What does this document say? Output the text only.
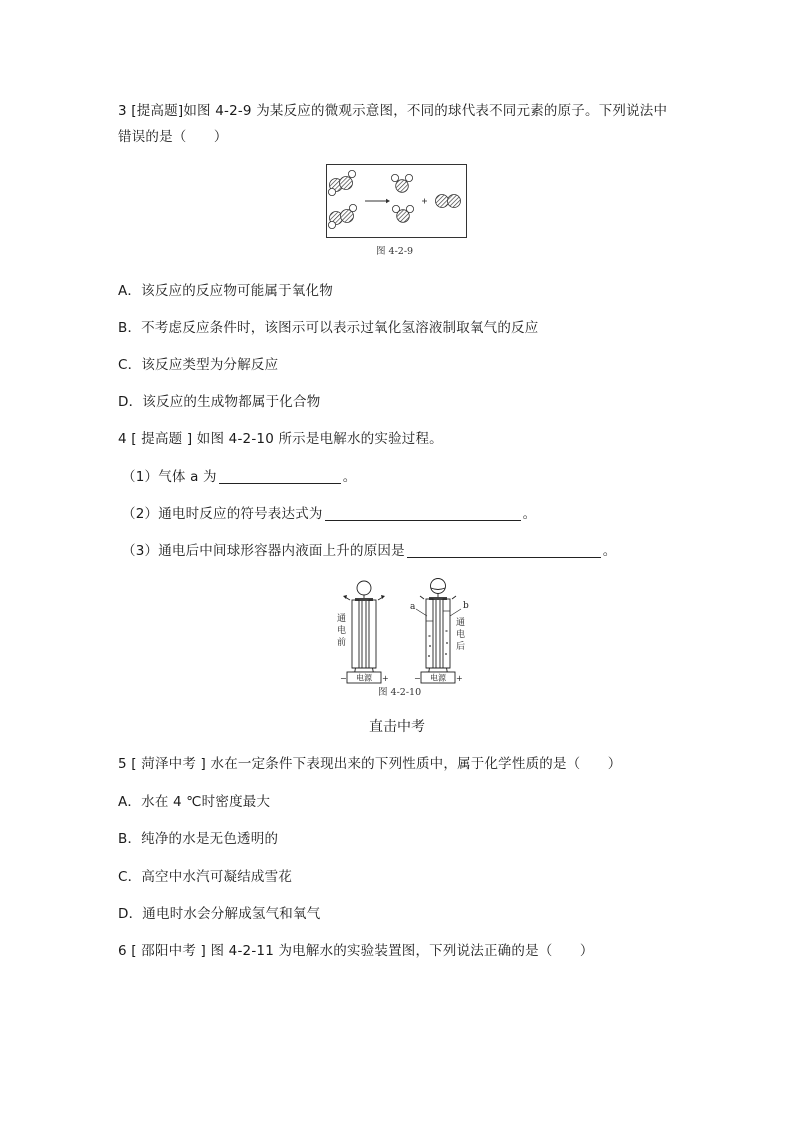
3 [提高题]如图 4-2-9 为某反应的微观示意图，不同的球代表不同元素的原子。下列说法中
错误的是（　　）
图 4-2-9
A．该反应的反应物可能属于氧化物
B．不考虑反应条件时，该图示可以表示过氧化氢溶液制取氧气的反应
C．该反应类型为分解反应
D．该反应的生成物都属于化合物
4 [ 提高题 ] 如图 4-2-10 所示是电解水的实验过程。
（1）气体 a 为	。
（2）通电时反应的符号表达式为	。
（3）通电后中间球形容器内液面上升的原因是	。
电源
−	+
通
电
前
电源
−	+
a	b
通
电
后
图 4-2-10
直击中考
5 [ 菏泽中考 ] 水在一定条件下表现出来的下列性质中，属于化学性质的是（　　）
A．水在 4 ℃时密度最大
B．纯净的水是无色透明的
C．高空中水汽可凝结成雪花
D．通电时水会分解成氢气和氧气
6 [ 邵阳中考 ] 图 4-2-11 为电解水的实验装置图，下列说法正确的是（　　）
